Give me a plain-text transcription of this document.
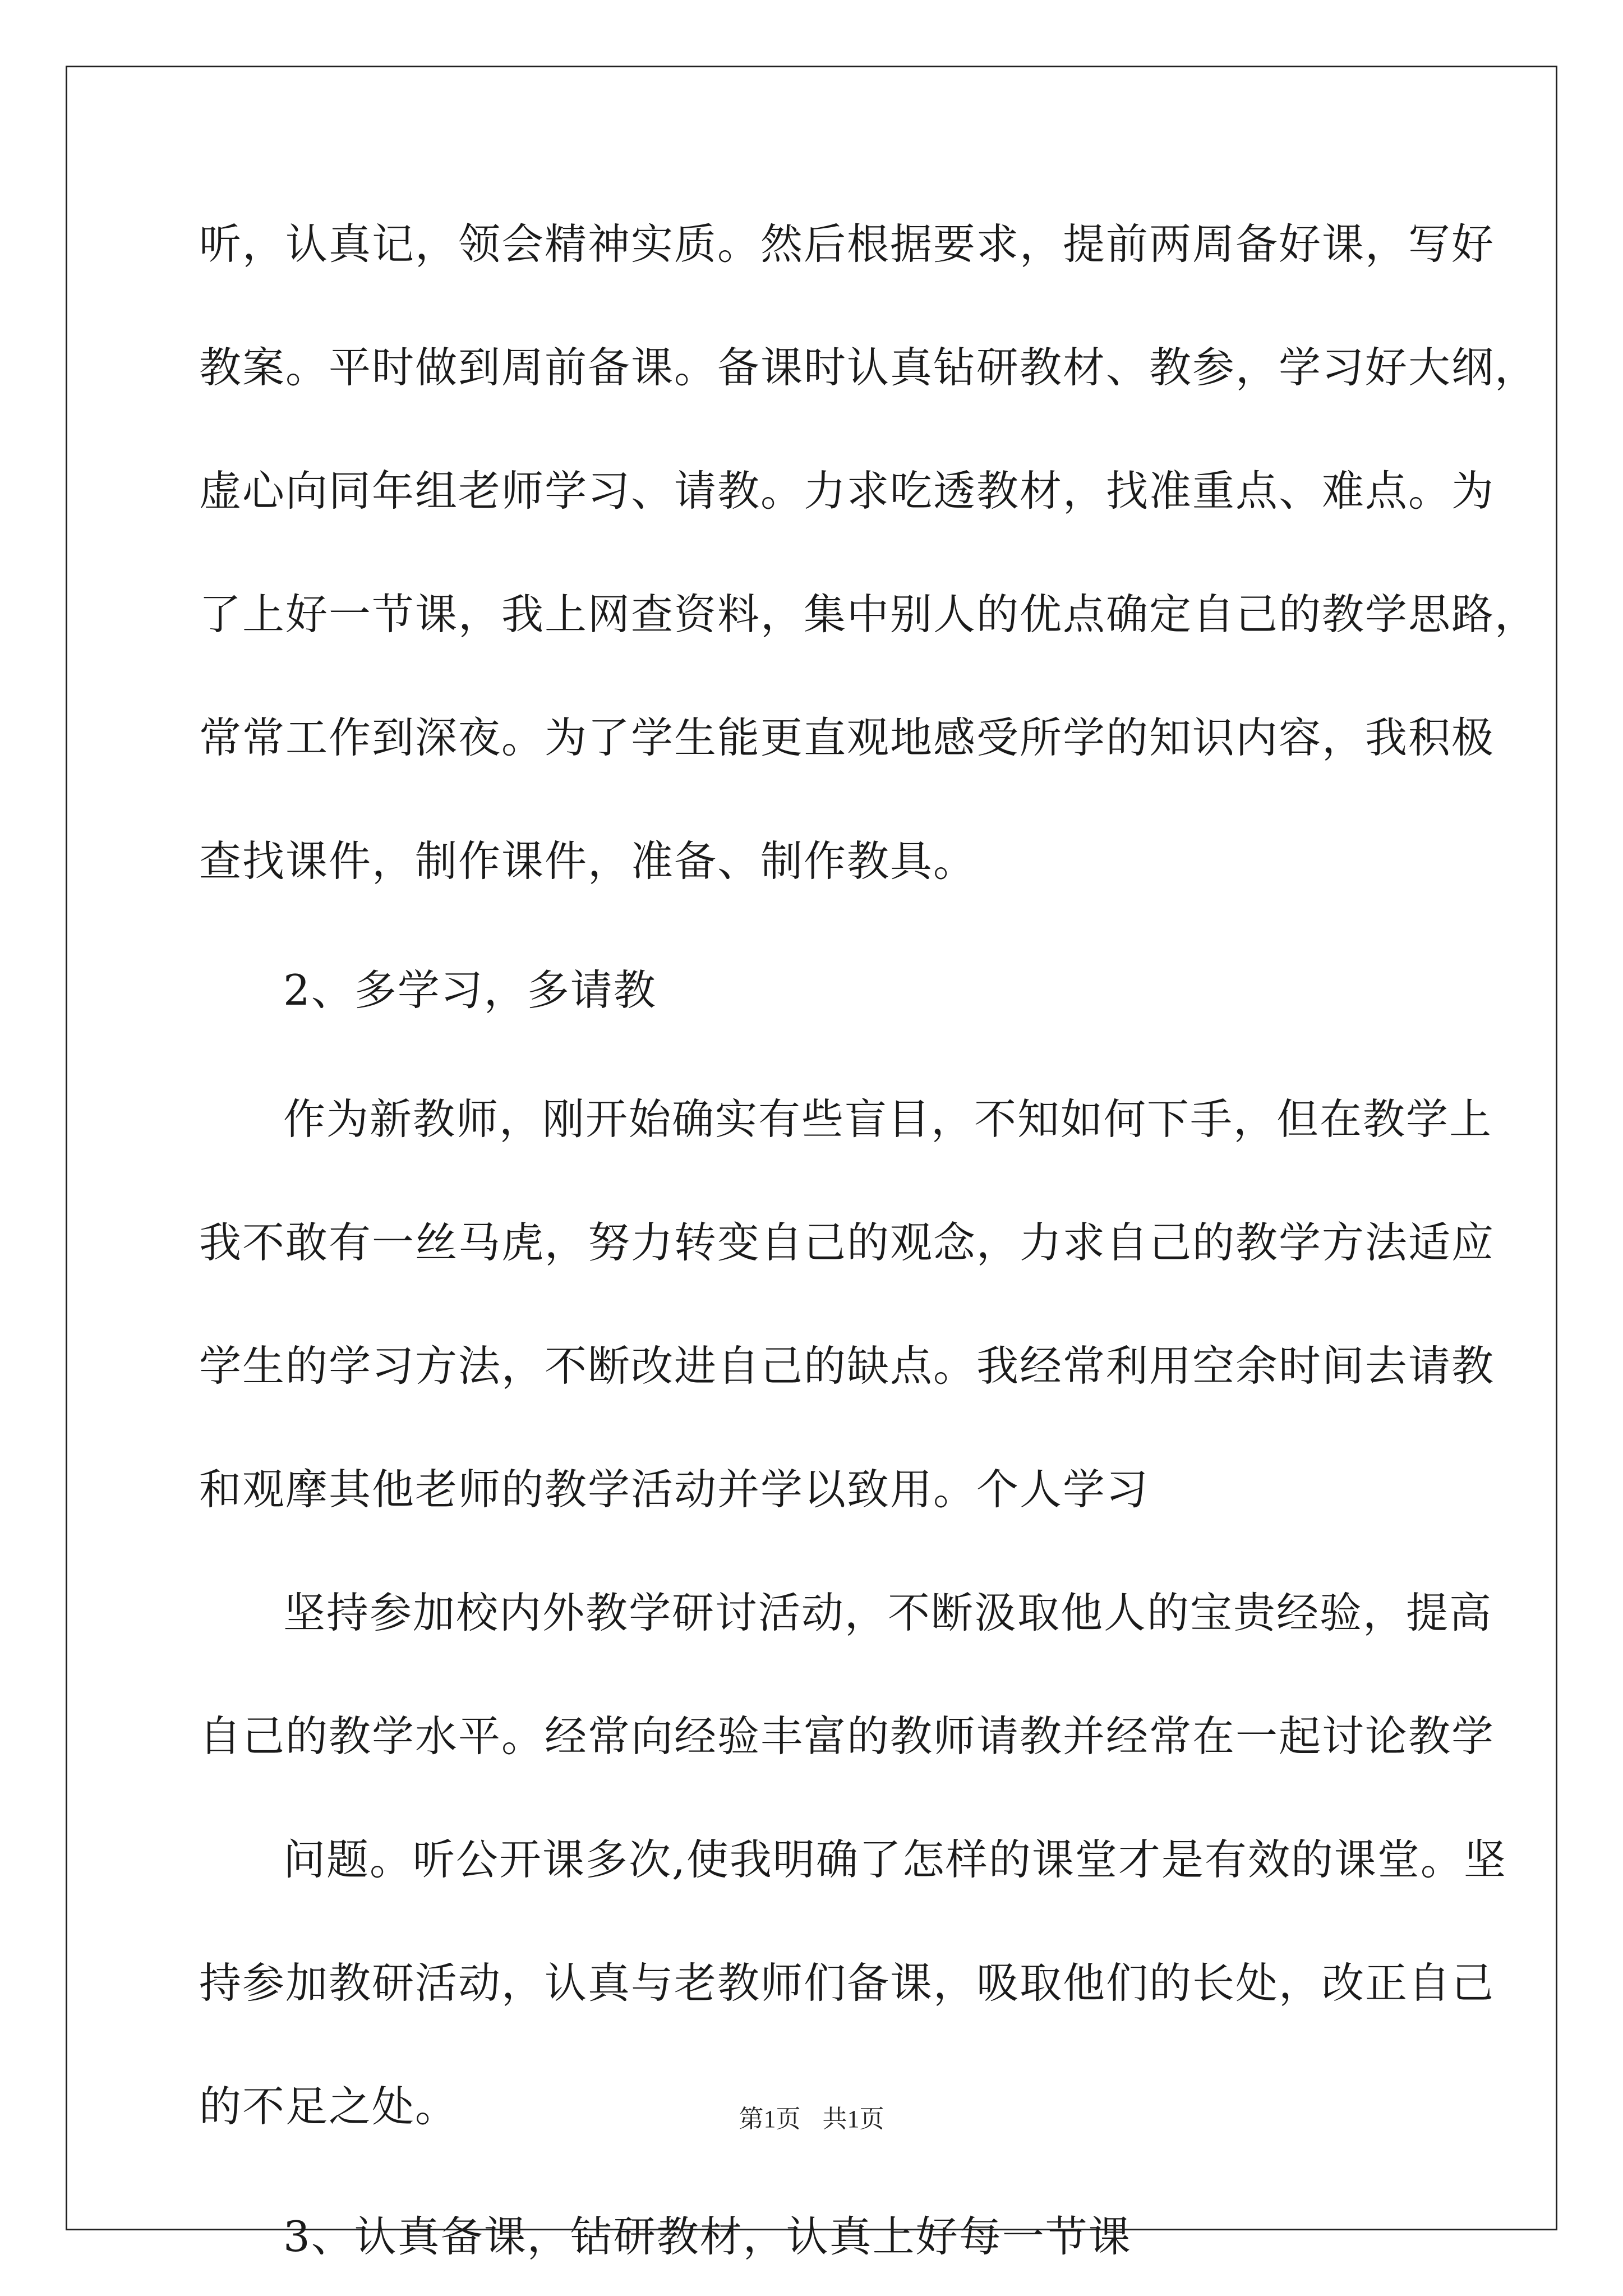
听，认真记，领会精神实质。然后根据要求，提前两周备好课，写好
教案。平时做到周前备课。备课时认真钻研教材、教参，学习好大纲，
虚心向同年组老师学习、请教。力求吃透教材，找准重点、难点。为
了上好一节课，我上网查资料，集中别人的优点确定自己的教学思路，
常常工作到深夜。为了学生能更直观地感受所学的知识内容，我积极
查找课件，制作课件，准备、制作教具。
2、多学习，多请教
作为新教师，刚开始确实有些盲目，不知如何下手，但在教学上
我不敢有一丝马虎，努力转变自己的观念，力求自己的教学方法适应
学生的学习方法，不断改进自己的缺点。我经常利用空余时间去请教
和观摩其他老师的教学活动并学以致用。个人学习
坚持参加校内外教学研讨活动，不断汲取他人的宝贵经验，提高
自己的教学水平。经常向经验丰富的教师请教并经常在一起讨论教学
问题。听公开课多次,使我明确了怎样的课堂才是有效的课堂。坚
持参加教研活动，认真与老教师们备课，吸取他们的长处，改正自己
的不足之处。
3、认真备课，钻研教材，认真上好每一节课
第1页 共1页
